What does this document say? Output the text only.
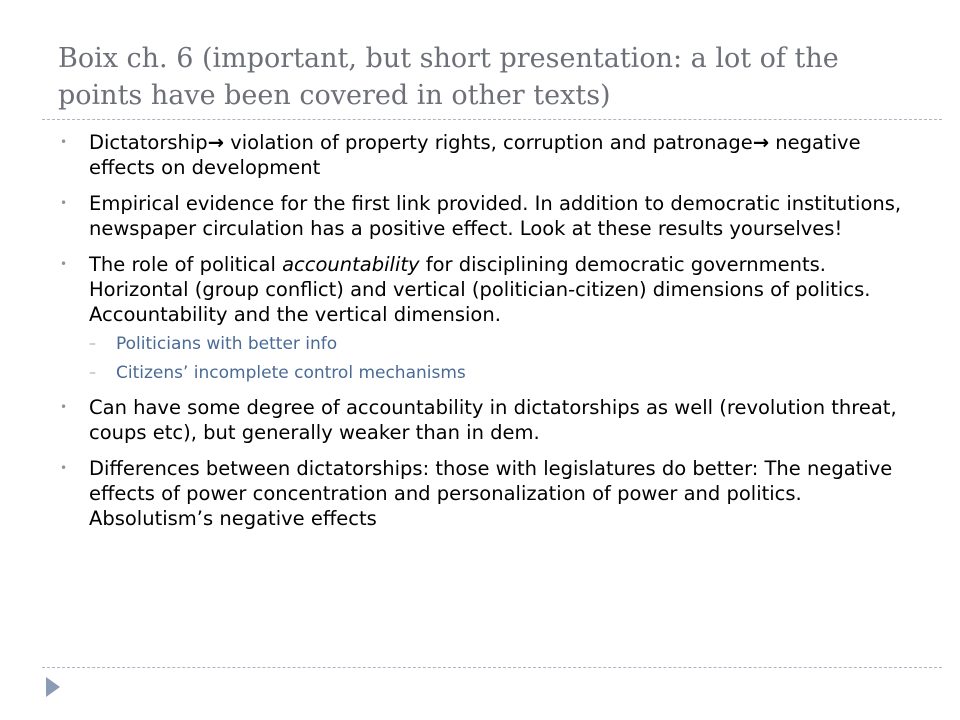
Boix ch. 6 (important, but short presentation: a lot of the points have been covered in other texts)
• Dictatorship→ violation of property rights, corruption and patronage→ negative effects on development
• Empirical evidence for the first link provided. In addition to democratic institutions, newspaper circulation has a positive effect. Look at these results yourselves!
• The role of political accountability for disciplining democratic governments. Horizontal (group conflict) and vertical (politician-citizen) dimensions of politics. Accountability and the vertical dimension.
– Politicians with better info
– Citizens’ incomplete control mechanisms
• Can have some degree of accountability in dictatorships as well (revolution threat, coups etc), but generally weaker than in dem.
• Differences between dictatorships: those with legislatures do better: The negative effects of power concentration and personalization of power and politics. Absolutism’s negative effects
